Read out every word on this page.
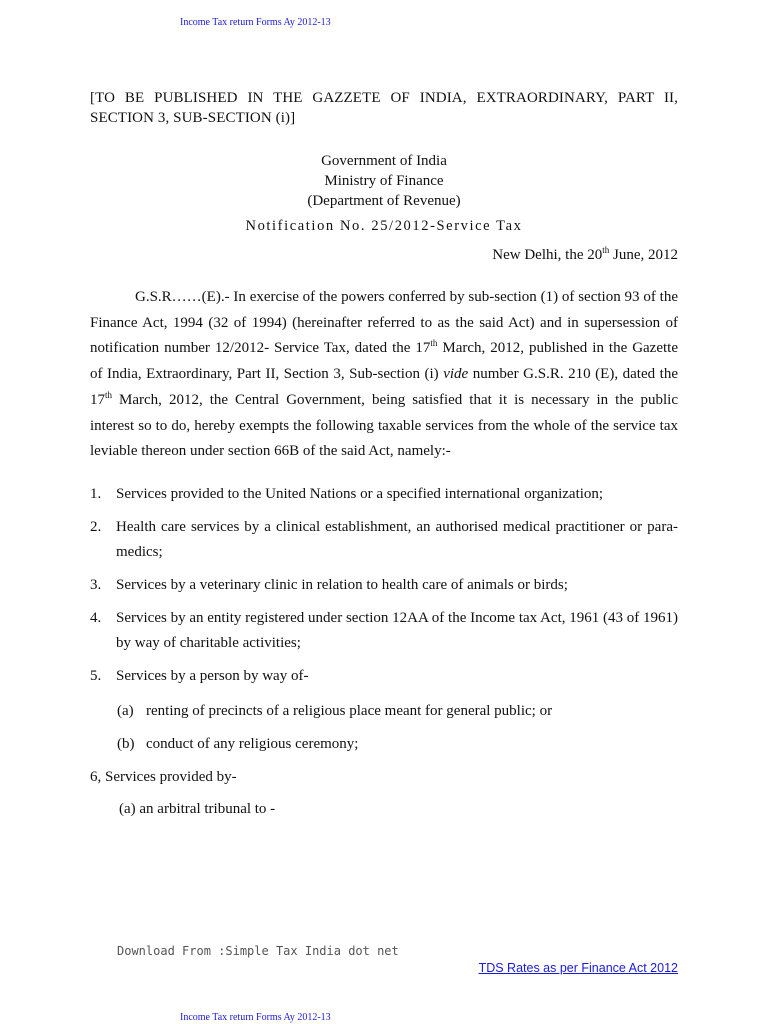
Income Tax return Forms Ay 2012-13
[TO BE PUBLISHED IN THE GAZZETE OF INDIA, EXTRAORDINARY, PART II, SECTION 3, SUB-SECTION (i)]
Government of India
Ministry of Finance
(Department of Revenue)
Notification No. 25/2012-Service Tax
New Delhi, the 20th June, 2012
G.S.R……(E).- In exercise of the powers conferred by sub-section (1) of section 93 of the Finance Act, 1994 (32 of 1994) (hereinafter referred to as the said Act) and in supersession of notification number 12/2012- Service Tax, dated the 17th March, 2012, published in the Gazette of India, Extraordinary, Part II, Section 3, Sub-section (i) vide number G.S.R. 210 (E), dated the 17th March, 2012, the Central Government, being satisfied that it is necessary in the public interest so to do, hereby exempts the following taxable services from the whole of the service tax leviable thereon under section 66B of the said Act, namely:-
1. Services provided to the United Nations or a specified international organization;
2. Health care services by a clinical establishment, an authorised medical practitioner or para-medics;
3. Services by a veterinary clinic in relation to health care of animals or birds;
4. Services by an entity registered under section 12AA of the Income tax Act, 1961 (43 of 1961) by way of charitable activities;
5. Services by a person by way of-
(a) renting of precincts of a religious place meant for general public; or
(b) conduct of any religious ceremony;
6, Services provided by-
(a) an arbitral tribunal to -
Download From :Simple Tax India dot net
TDS Rates as per Finance Act 2012
Income Tax return Forms Ay 2012-13
